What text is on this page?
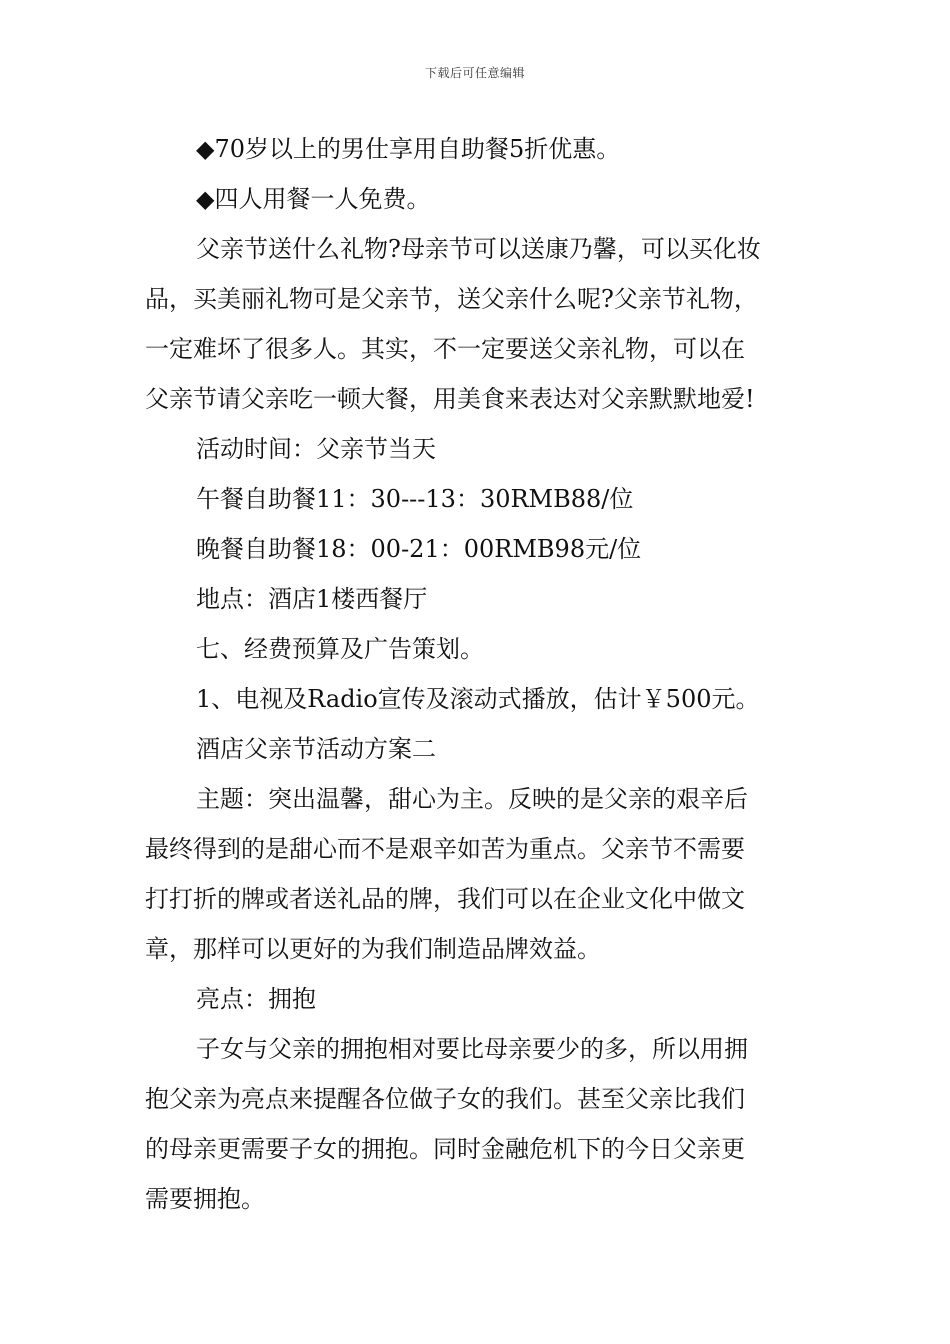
下载后可任意编辑
◆70岁以上的男仕享用自助餐5折优惠。
◆四人用餐一人免费。
父亲节送什么礼物?母亲节可以送康乃馨，可以买化妆
品，买美丽礼物可是父亲节，送父亲什么呢?父亲节礼物，
一定难坏了很多人。其实，不一定要送父亲礼物，可以在
父亲节请父亲吃一顿大餐，用美食来表达对父亲默默地爱!
活动时间：父亲节当天
午餐自助餐11：30---13：30RMB88/位
晚餐自助餐18：00-21：00RMB98元/位
地点：酒店1楼西餐厅
七、经费预算及广告策划。
1、电视及Radio宣传及滚动式播放，估计￥500元。
酒店父亲节活动方案二
主题：突出温馨，甜心为主。反映的是父亲的艰辛后
最终得到的是甜心而不是艰辛如苦为重点。父亲节不需要
打打折的牌或者送礼品的牌，我们可以在企业文化中做文
章，那样可以更好的为我们制造品牌效益。
亮点：拥抱
子女与父亲的拥抱相对要比母亲要少的多，所以用拥
抱父亲为亮点来提醒各位做子女的我们。甚至父亲比我们
的母亲更需要子女的拥抱。同时金融危机下的今日父亲更
需要拥抱。
